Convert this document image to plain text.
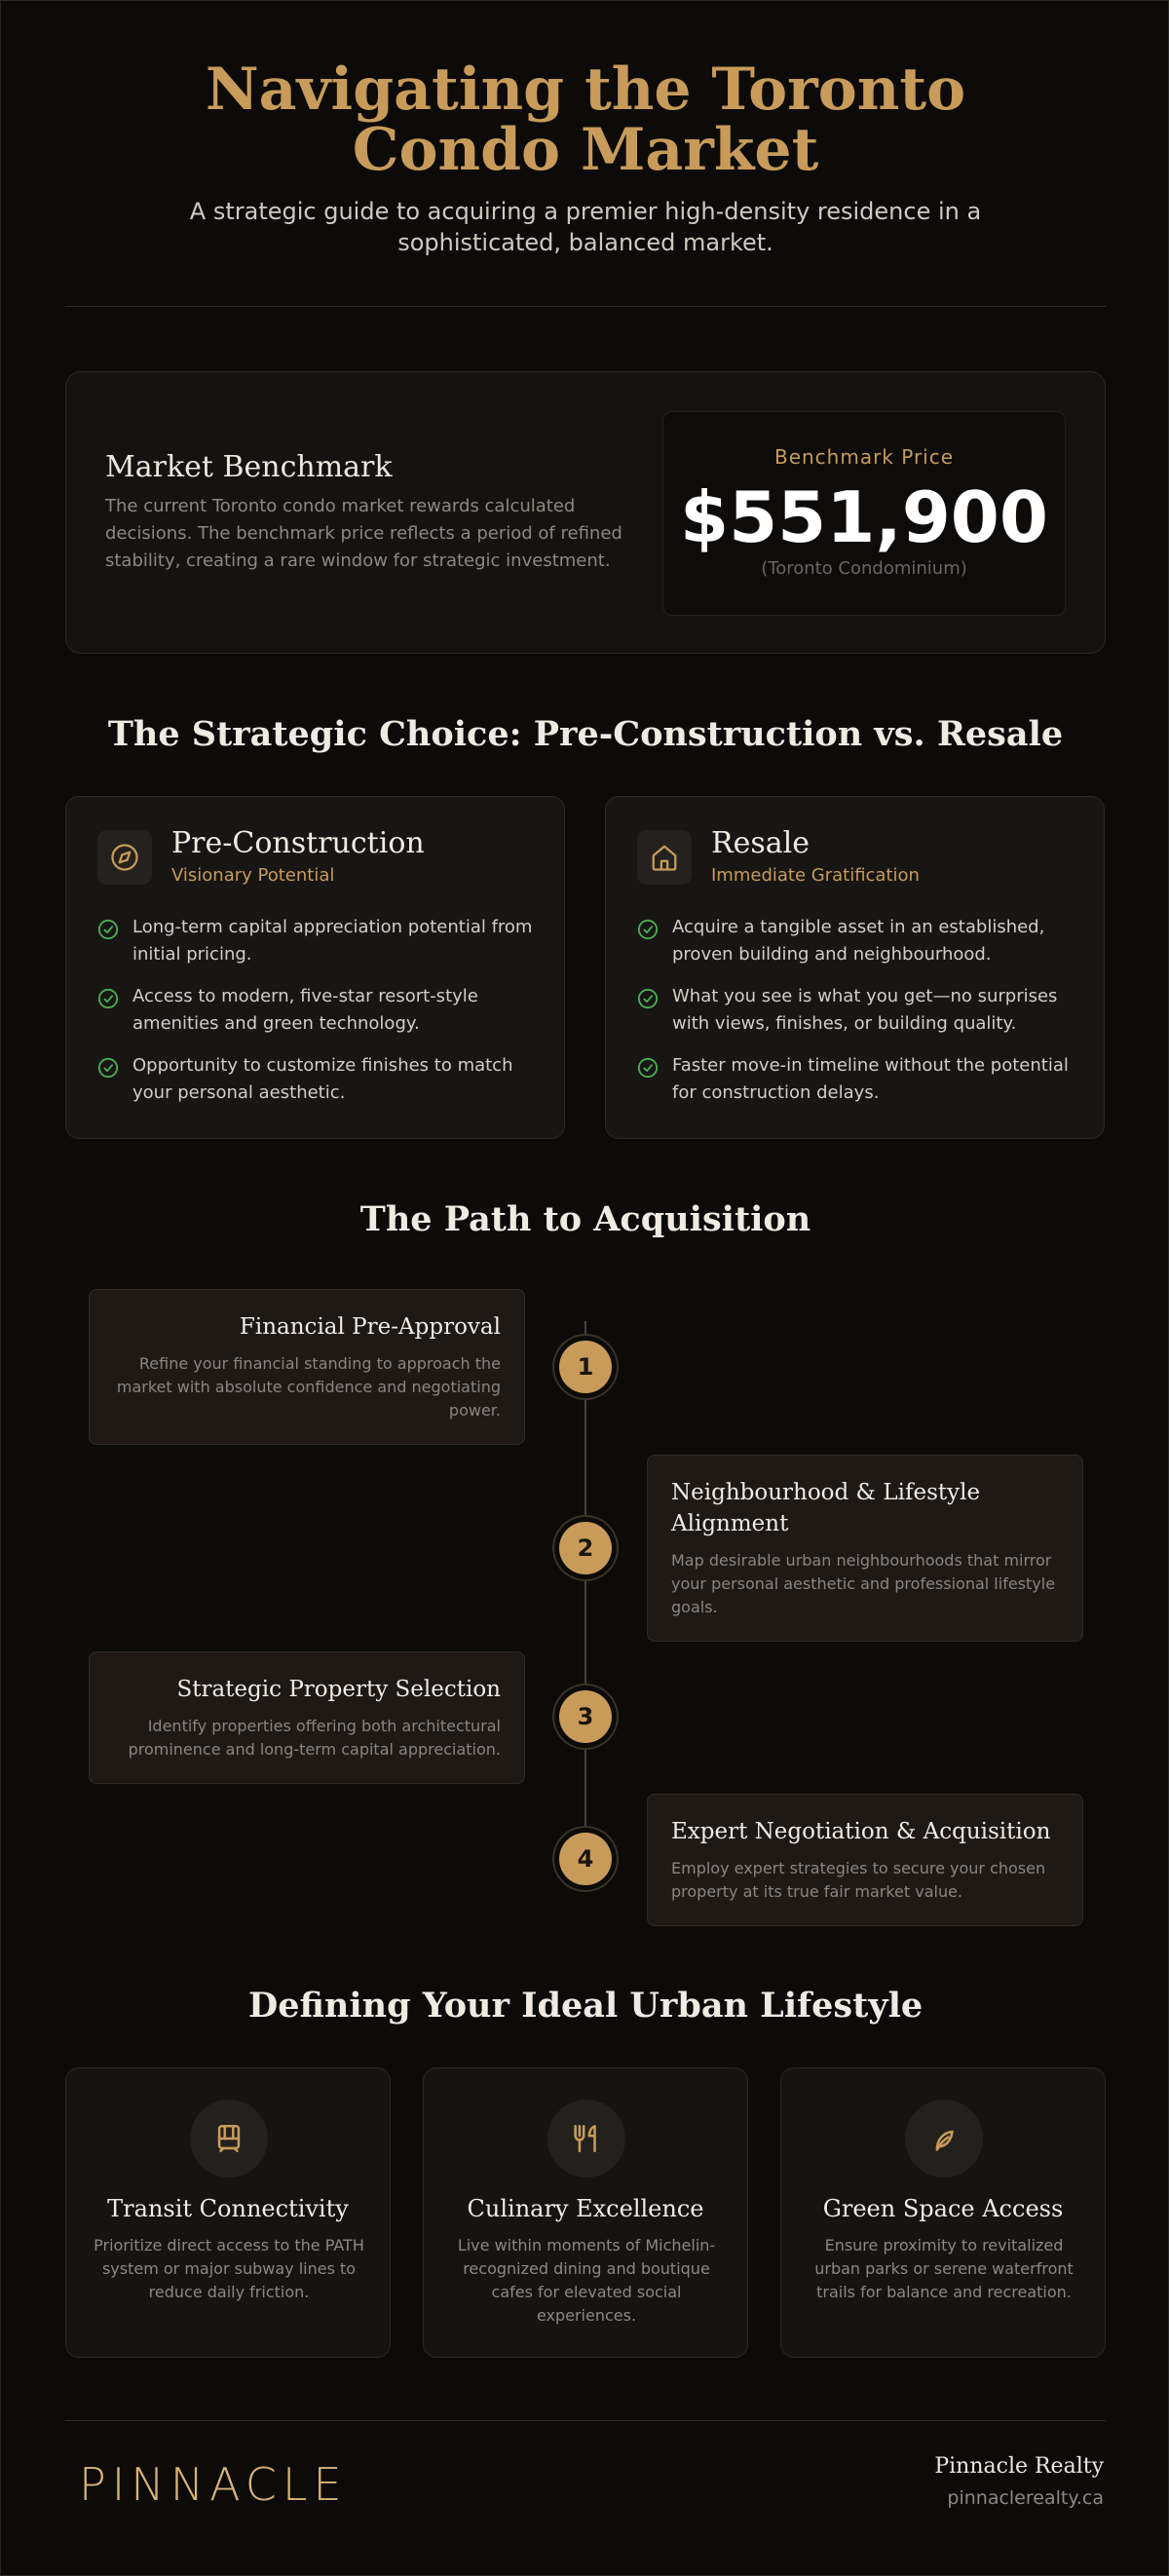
Navigating the Toronto Condo Market

A strategic guide to acquiring a premier high-density residence in a sophisticated, balanced market.

Market Benchmark
The current Toronto condo market rewards calculated decisions. The benchmark price reflects a period of refined stability, creating a rare window for strategic investment.
Benchmark Price
$551,900
(Toronto Condominium)
The Strategic Choice: Pre-Construction vs. Resale
Pre-Construction
Visionary Potential
Long-term capital appreciation potential from initial pricing.
Access to modern, five-star resort-style amenities and green technology.
Opportunity to customize finishes to match your personal aesthetic.
Resale
Immediate Gratification
Acquire a tangible asset in an established, proven building and neighbourhood.
What you see is what you get—no surprises with views, finishes, or building quality.
Faster move-in timeline without the potential for construction delays.
The Path to Acquisition
Financial Pre-Approval
Refine your financial standing to approach the market with absolute confidence and negotiating power.
1
Neighbourhood & Lifestyle Alignment
Map desirable urban neighbourhoods that mirror your personal aesthetic and professional lifestyle goals.
2
Strategic Property Selection
Identify properties offering both architectural prominence and long-term capital appreciation.
3
Expert Negotiation & Acquisition
Employ expert strategies to secure your chosen property at its true fair market value.
4
Defining Your Ideal Urban Lifestyle
Transit Connectivity
Prioritize direct access to the PATH system or major subway lines to reduce daily friction.
Culinary Excellence
Live within moments of Michelin-recognized dining and boutique cafes for elevated social experiences.
Green Space Access
Ensure proximity to revitalized urban parks or serene waterfront trails for balance and recreation.
PINNACLE	Pinnacle Realty
pinnaclerealty.ca
